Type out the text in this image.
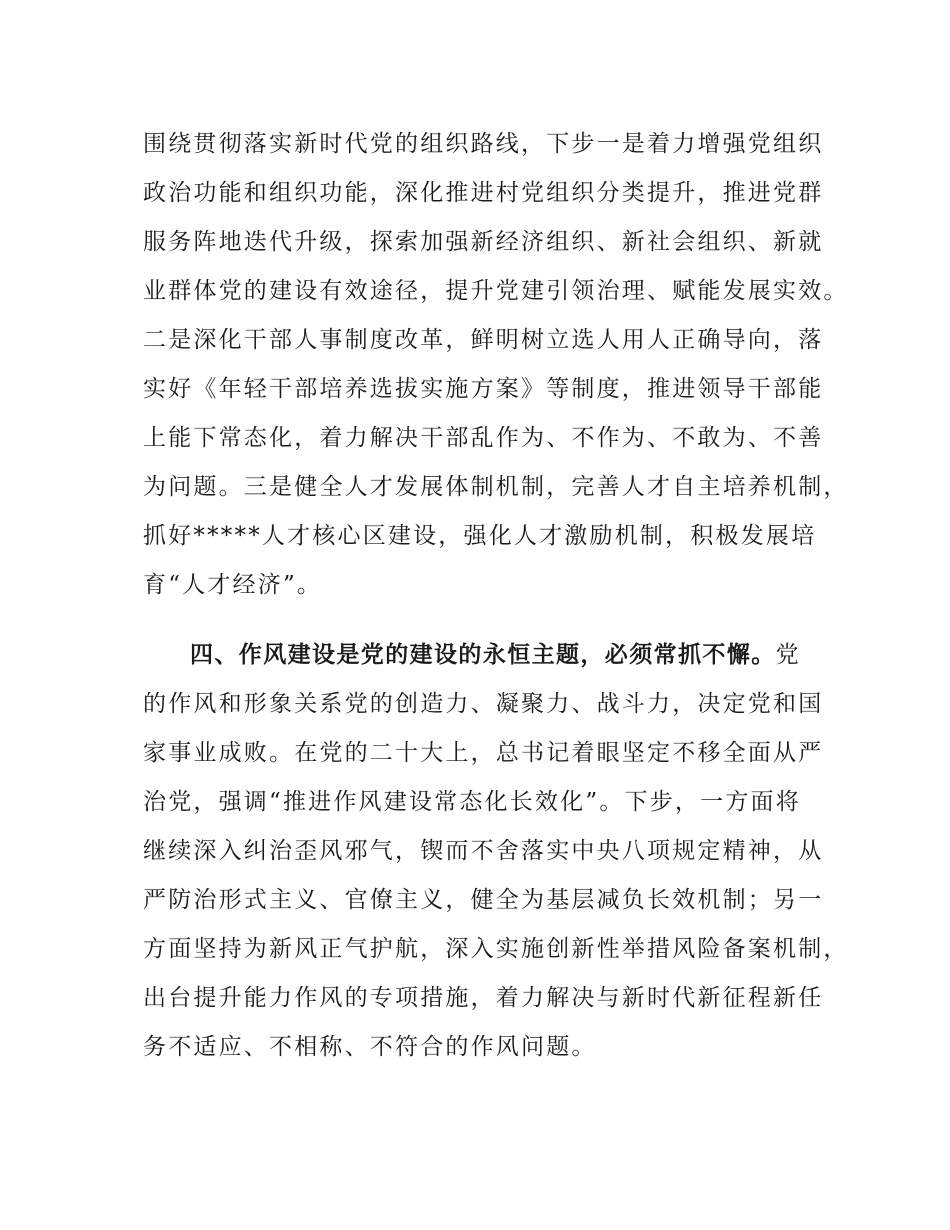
围绕贯彻落实新时代党的组织路线，下步一是着力增强党组织
政治功能和组织功能，深化推进村党组织分类提升，推进党群
服务阵地迭代升级，探索加强新经济组织、新社会组织、新就
业群体党的建设有效途径，提升党建引领治理、赋能发展实效。
二是深化干部人事制度改革，鲜明树立选人用人正确导向，落
实好《年轻干部培养选拔实施方案》等制度，推进领导干部能
上能下常态化，着力解决干部乱作为、不作为、不敢为、不善
为问题。三是健全人才发展体制机制，完善人才自主培养机制，
抓好*****人才核心区建设，强化人才激励机制，积极发展培
育“人才经济”。
四、作风建设是党的建设的永恒主题，必须常抓不懈。党
的作风和形象关系党的创造力、凝聚力、战斗力，决定党和国
家事业成败。在党的二十大上，总书记着眼坚定不移全面从严
治党，强调“推进作风建设常态化长效化”。下步，一方面将
继续深入纠治歪风邪气，锲而不舍落实中央八项规定精神，从
严防治形式主义、官僚主义，健全为基层减负长效机制；另一
方面坚持为新风正气护航，深入实施创新性举措风险备案机制，
出台提升能力作风的专项措施，着力解决与新时代新征程新任
务不适应、不相称、不符合的作风问题。
